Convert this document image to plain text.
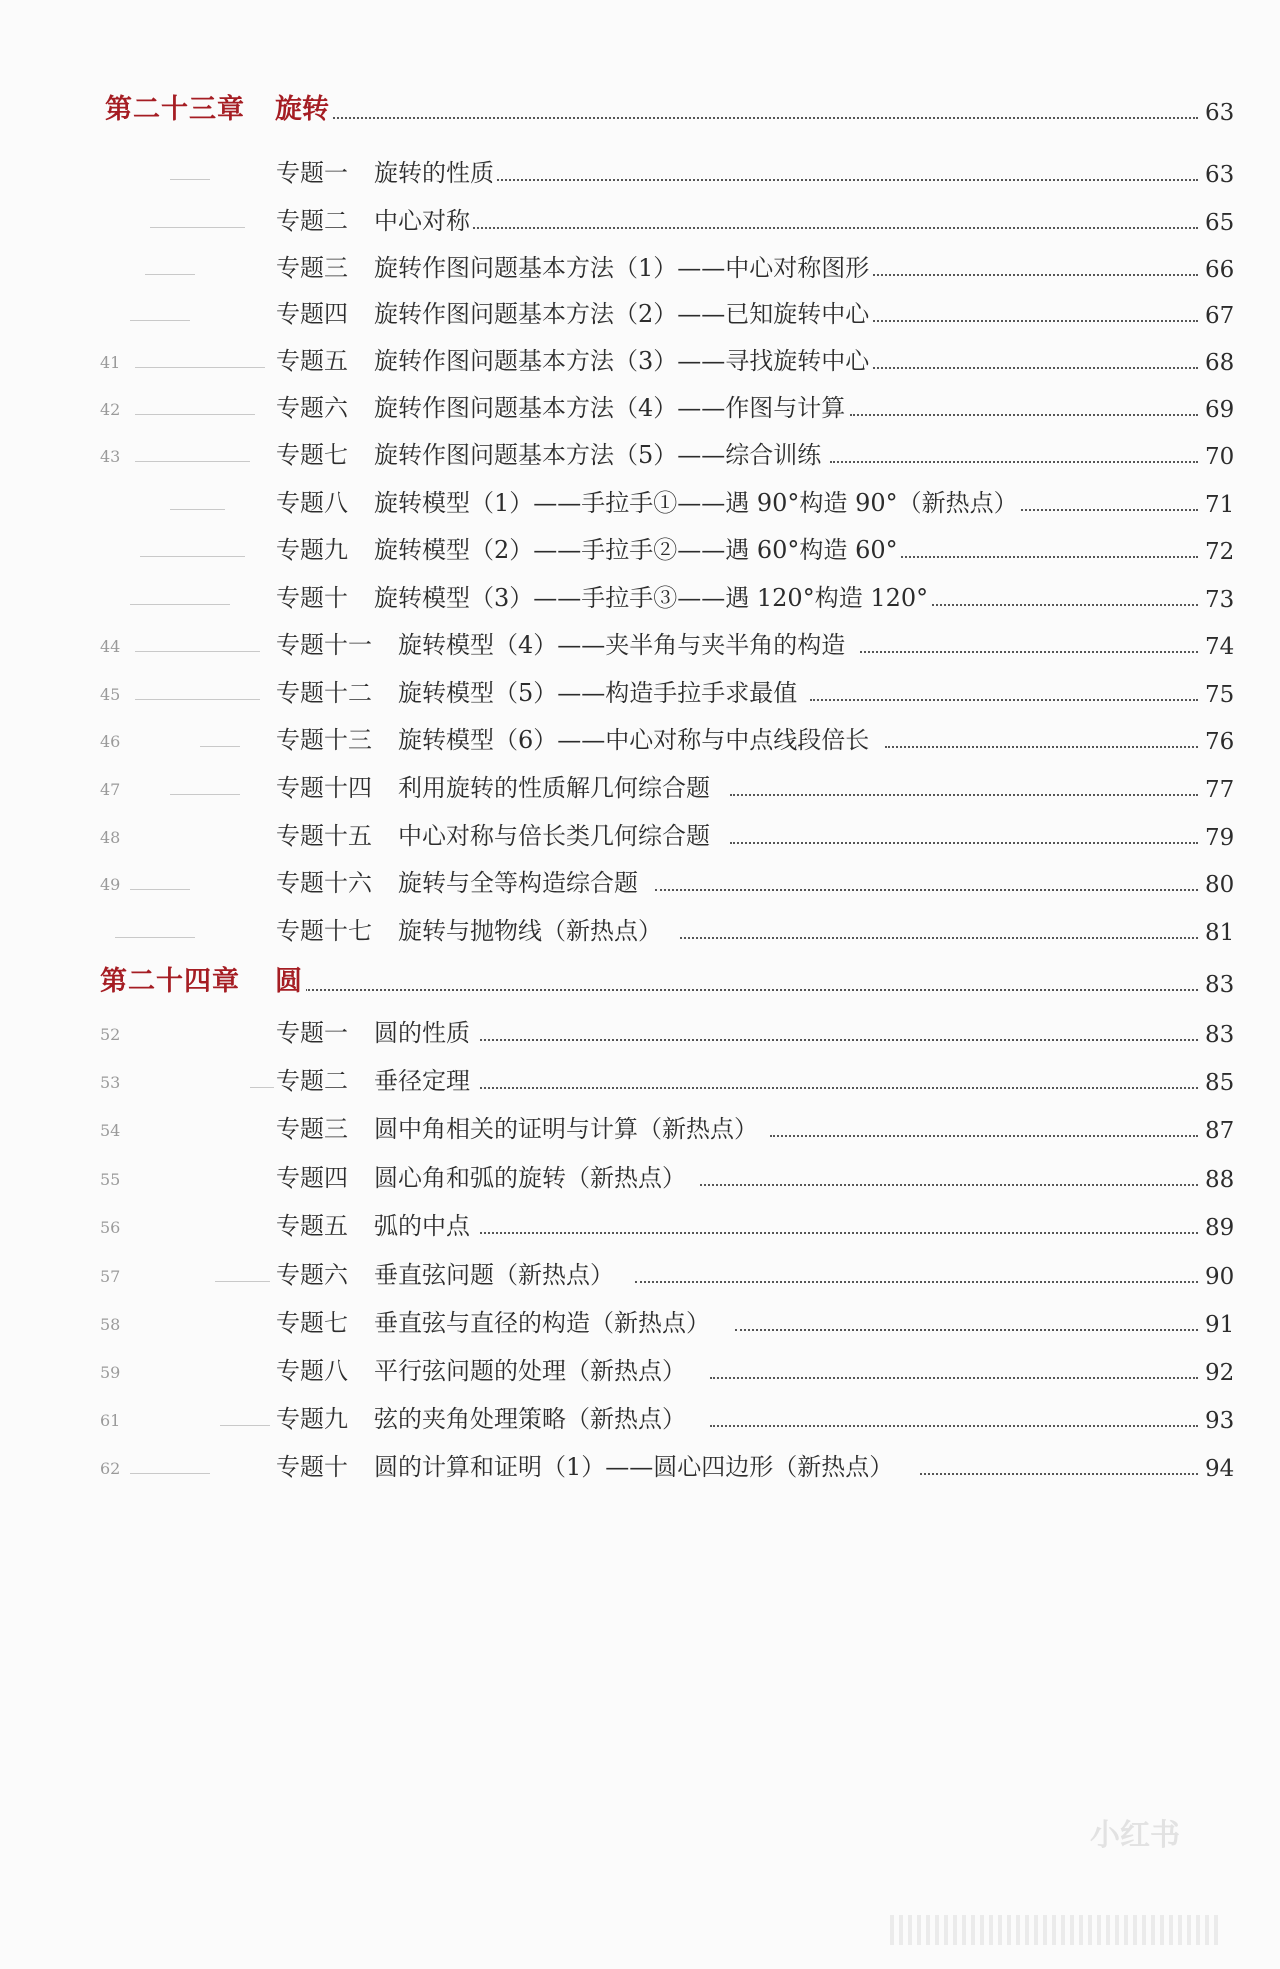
第二十三章 旋转	63
专题一 旋转的性质	63
专题二 中心对称	65
专题三 旋转作图问题基本方法（1）——中心对称图形	66
专题四 旋转作图问题基本方法（2）——已知旋转中心	67
41	专题五 旋转作图问题基本方法（3）——寻找旋转中心	68
42	专题六 旋转作图问题基本方法（4）——作图与计算	69
43	专题七 旋转作图问题基本方法（5）——综合训练	70
专题八 旋转模型（1）——手拉手①——遇 90°构造 90°（新热点）	71
专题九 旋转模型（2）——手拉手②——遇 60°构造 60°	72
专题十 旋转模型（3）——手拉手③——遇 120°构造 120°	73
44	专题十一 旋转模型（4）——夹半角与夹半角的构造	74
45	专题十二 旋转模型（5）——构造手拉手求最值	75
46	专题十三 旋转模型（6）——中心对称与中点线段倍长	76
47	专题十四 利用旋转的性质解几何综合题	77
48	专题十五 中心对称与倍长类几何综合题	79
49	专题十六 旋转与全等构造综合题	80
专题十七 旋转与抛物线（新热点）	81
第二十四章 圆	83
52	专题一 圆的性质	83
53	专题二 垂径定理	85
54	专题三 圆中角相关的证明与计算（新热点）	87
55	专题四 圆心角和弧的旋转（新热点）	88
56	专题五 弧的中点	89
57	专题六 垂直弦问题（新热点）	90
58	专题七 垂直弦与直径的构造（新热点）	91
59	专题八 平行弦问题的处理（新热点）	92
61	专题九 弦的夹角处理策略（新热点）	93
62	专题十 圆的计算和证明（1）——圆心四边形（新热点）	94
小红书
